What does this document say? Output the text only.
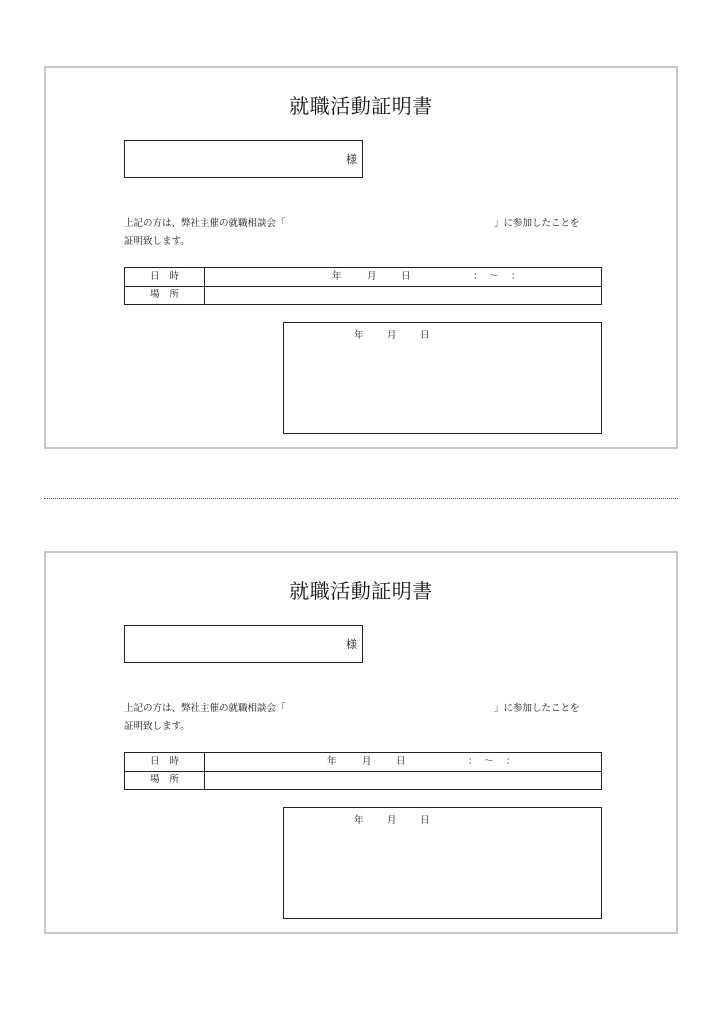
就職活動証明書
様
上記の方は、弊社主催の就職相談会「	」に参加したことを
証明致します。
日時	年	月	日	： ～ ：
場所
年 月 日
就職活動証明書
様
上記の方は、弊社主催の就職相談会「	」に参加したことを
証明致します。
日時	年	月	日	： ～ ：
場所
年 月 日
